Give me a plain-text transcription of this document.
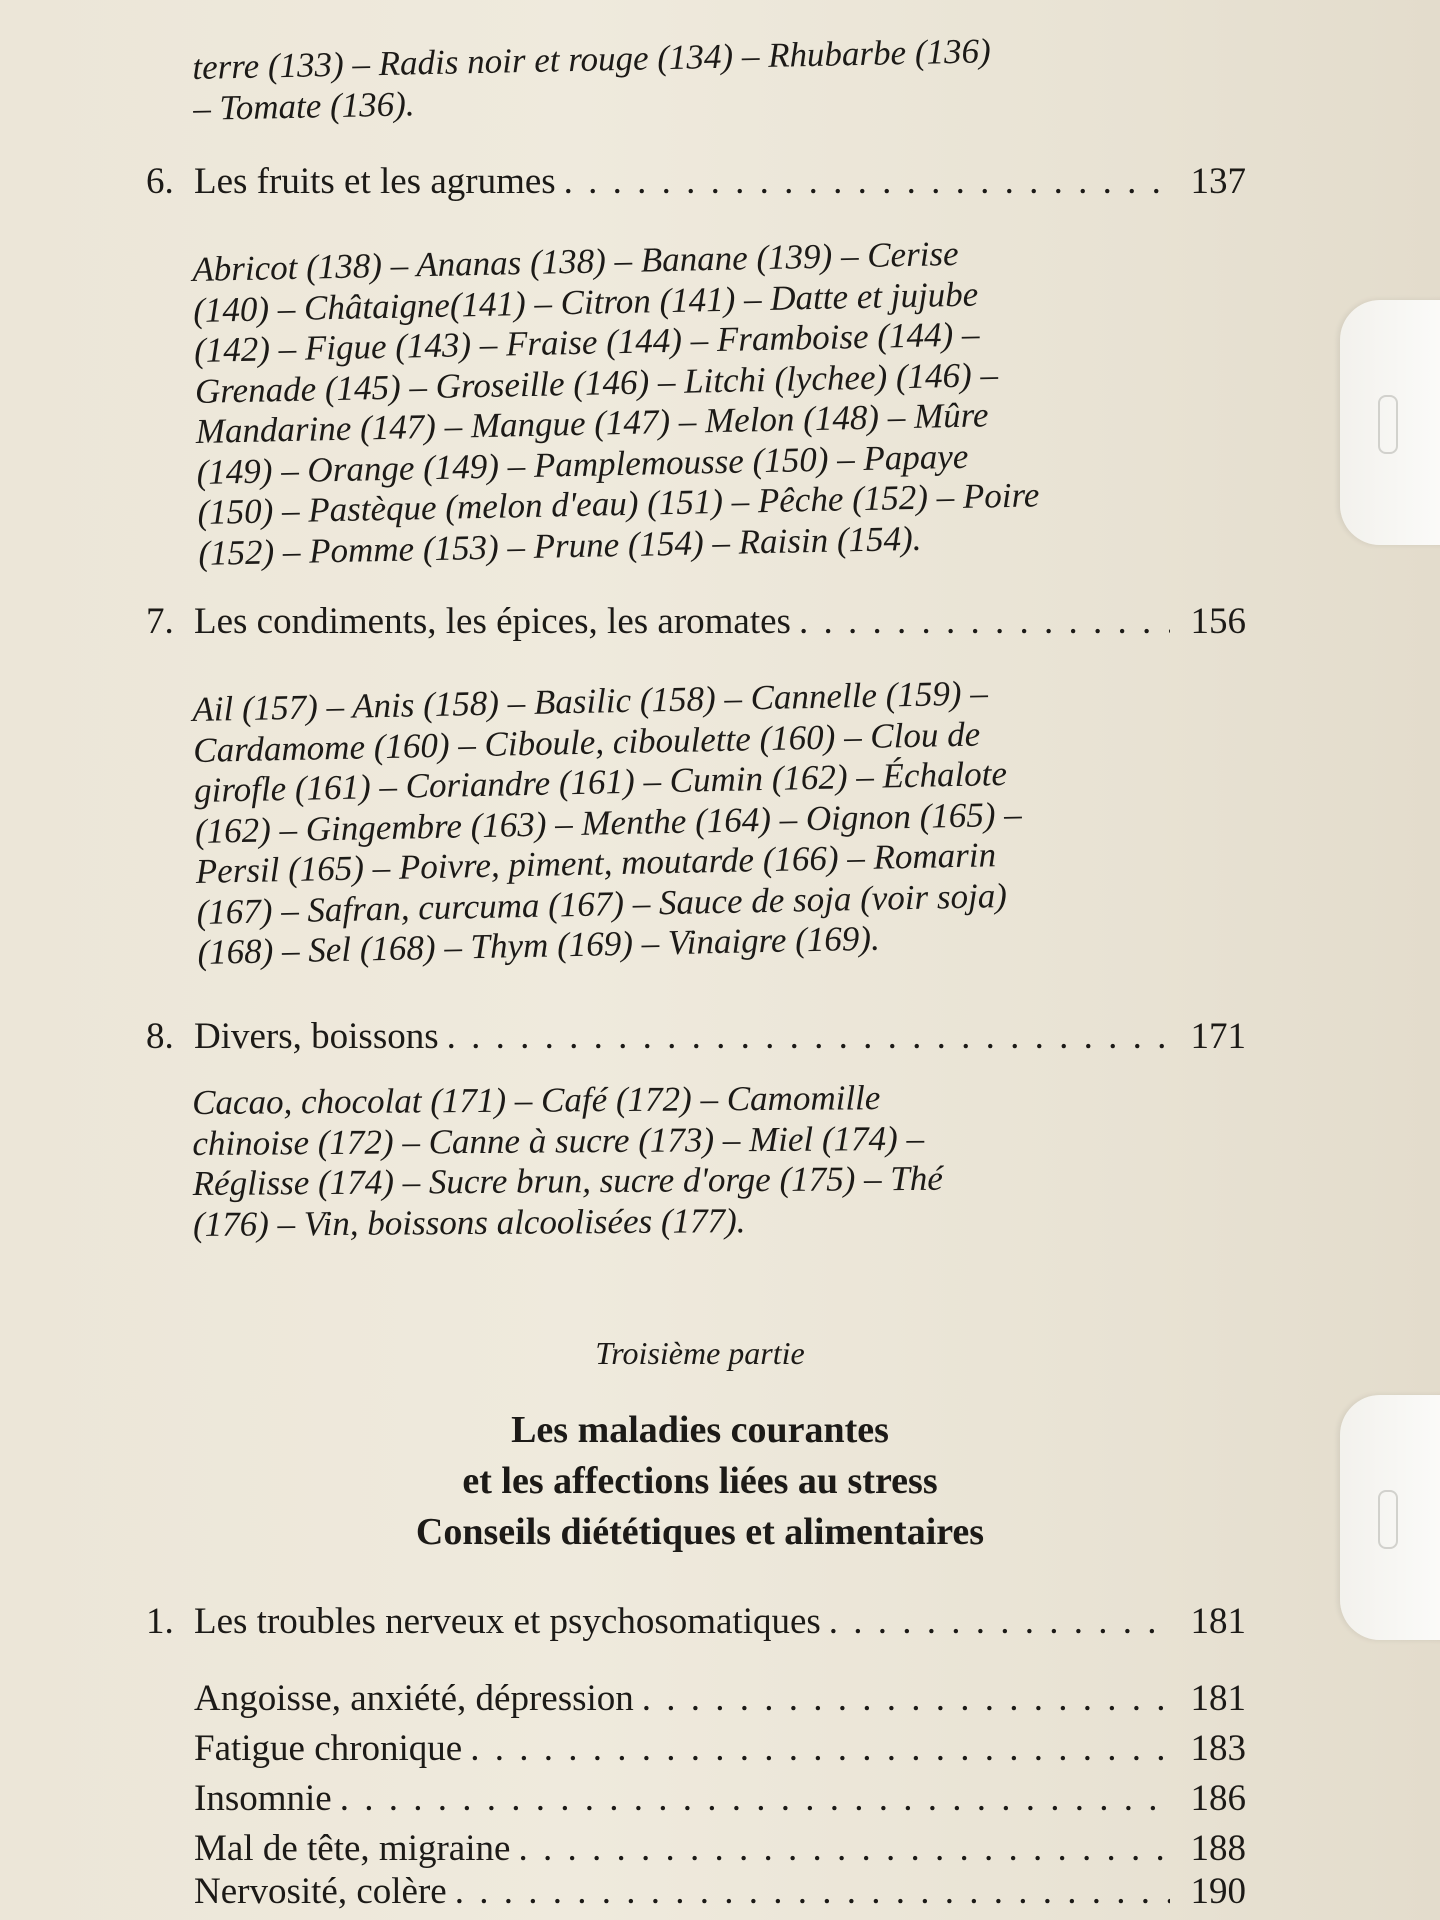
terre (133) – Radis noir et rouge (134) – Rhubarbe (136)

– Tomate (136).

6. Les fruits et les agrumes . . .	137

Abricot (138) – Ananas (138) – Banane (139) – Cerise

(140) – Châtaigne(141) – Citron (141) – Datte et jujube

(142) – Figue (143) – Fraise (144) – Framboise (144) –

Grenade (145) – Groseille (146) – Litchi (lychee) (146) –

Mandarine (147) – Mangue (147) – Melon (148) – Mûre

(149) – Orange (149) – Pamplemousse (150) – Papaye

(150) – Pastèque (melon d'eau) (151) – Pêche (152) – Poire

(152) – Pomme (153) – Prune (154) – Raisin (154).

7. Les condiments, les épices, les aromates . . .	156

Ail (157) – Anis (158) – Basilic (158) – Cannelle (159) –

Cardamome (160) – Ciboule, ciboulette (160) – Clou de

girofle (161) – Coriandre (161) – Cumin (162) – Échalote

(162) – Gingembre (163) – Menthe (164) – Oignon (165) –

Persil (165) – Poivre, piment, moutarde (166) – Romarin

(167) – Safran, curcuma (167) – Sauce de soja (voir soja)

(168) – Sel (168) – Thym (169) – Vinaigre (169).

8. Divers, boissons . . .	171

Cacao, chocolat (171) – Café (172) – Camomille

chinoise (172) – Canne à sucre (173) – Miel (174) –

Réglisse (174) – Sucre brun, sucre d'orge (175) – Thé

(176) – Vin, boissons alcoolisées (177).

Troisième partie
Les maladies courantes
et les affections liées au stress
Conseils diététiques et alimentaires
1. Les troubles nerveux et psychosomatiques . . .	181
Angoisse, anxiété, dépression . . .	181
Fatigue chronique . . .	183
Insomnie . . .	186
Mal de tête, migraine . . .	188
Nervosité, colère . . .	190
